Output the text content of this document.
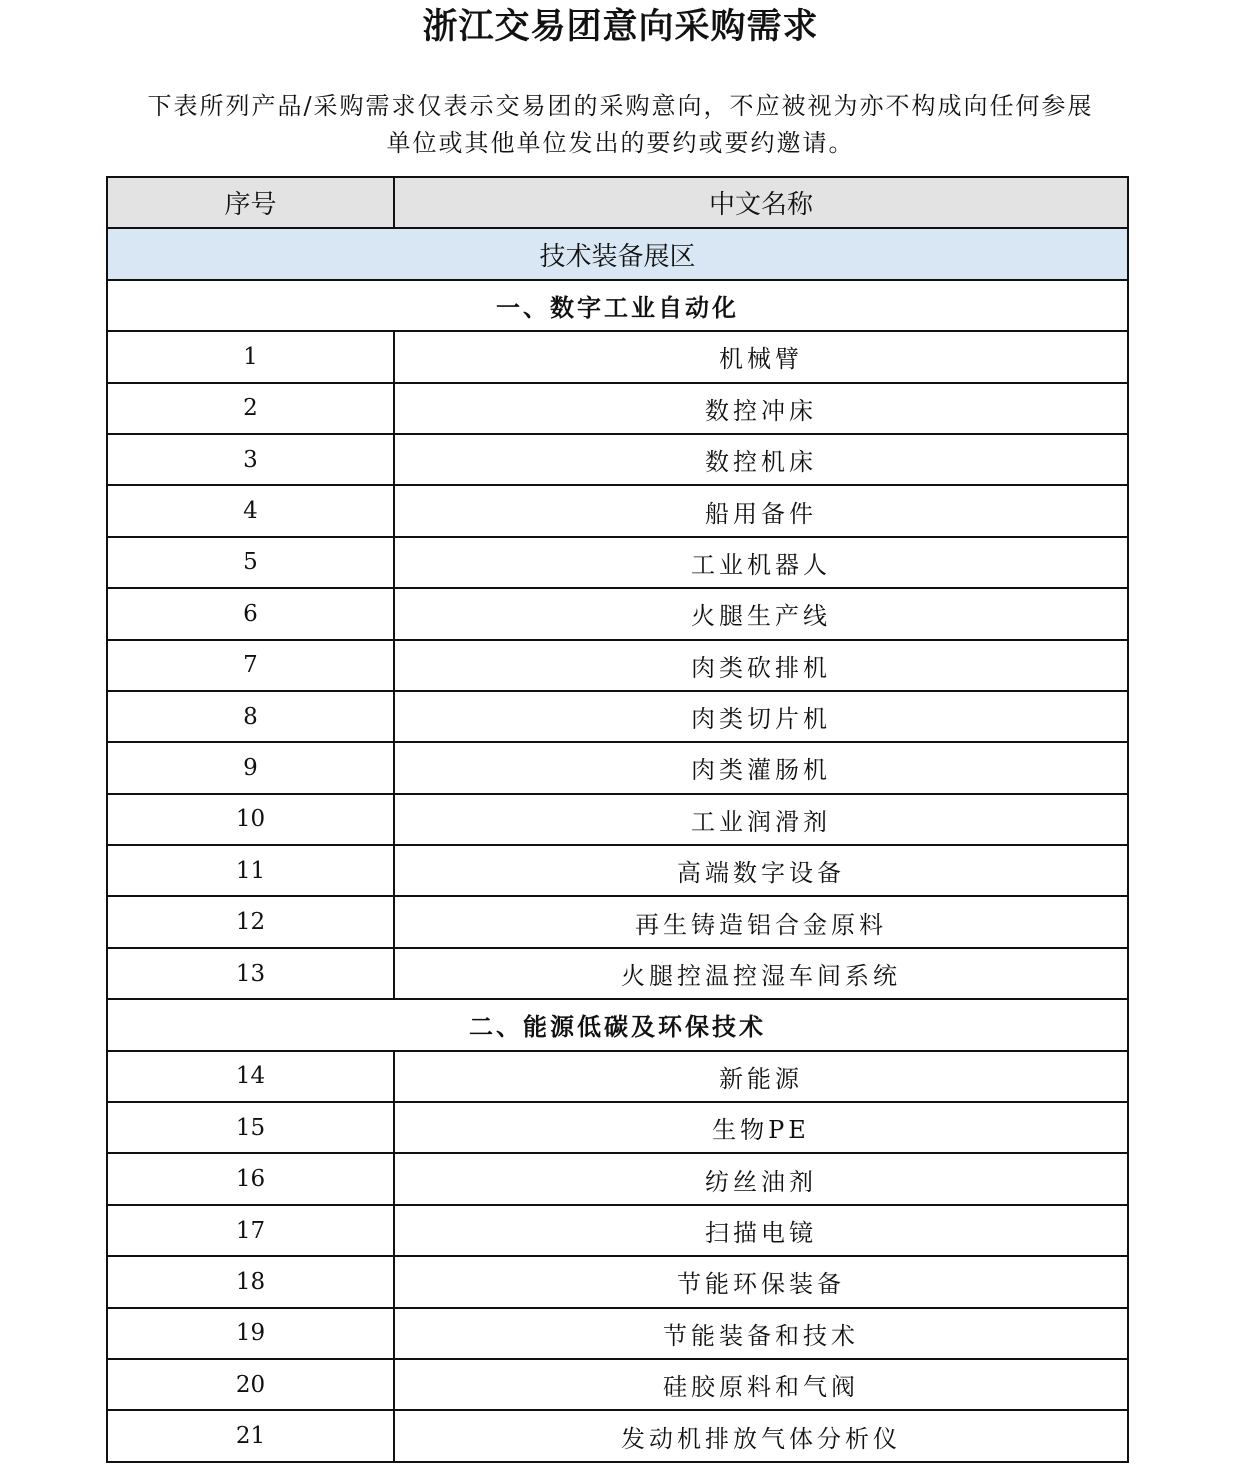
浙江交易团意向采购需求
下表所列产品/采购需求仅表示交易团的采购意向，不应被视为亦不构成向任何参展
单位或其他单位发出的要约或要约邀请。
序号	中文名称
技术装备展区	
一、数字工业自动化	
1	机械臂
2	数控冲床
3	数控机床
4	船用备件
5	工业机器人
6	火腿生产线
7	肉类砍排机
8	肉类切片机
9	肉类灌肠机
10	工业润滑剂
11	高端数字设备
12	再生铸造铝合金原料
13	火腿控温控湿车间系统
二、能源低碳及环保技术	
14	新能源
15	生物PE
16	纺丝油剂
17	扫描电镜
18	节能环保装备
19	节能装备和技术
20	硅胶原料和气阀
21	发动机排放气体分析仪
